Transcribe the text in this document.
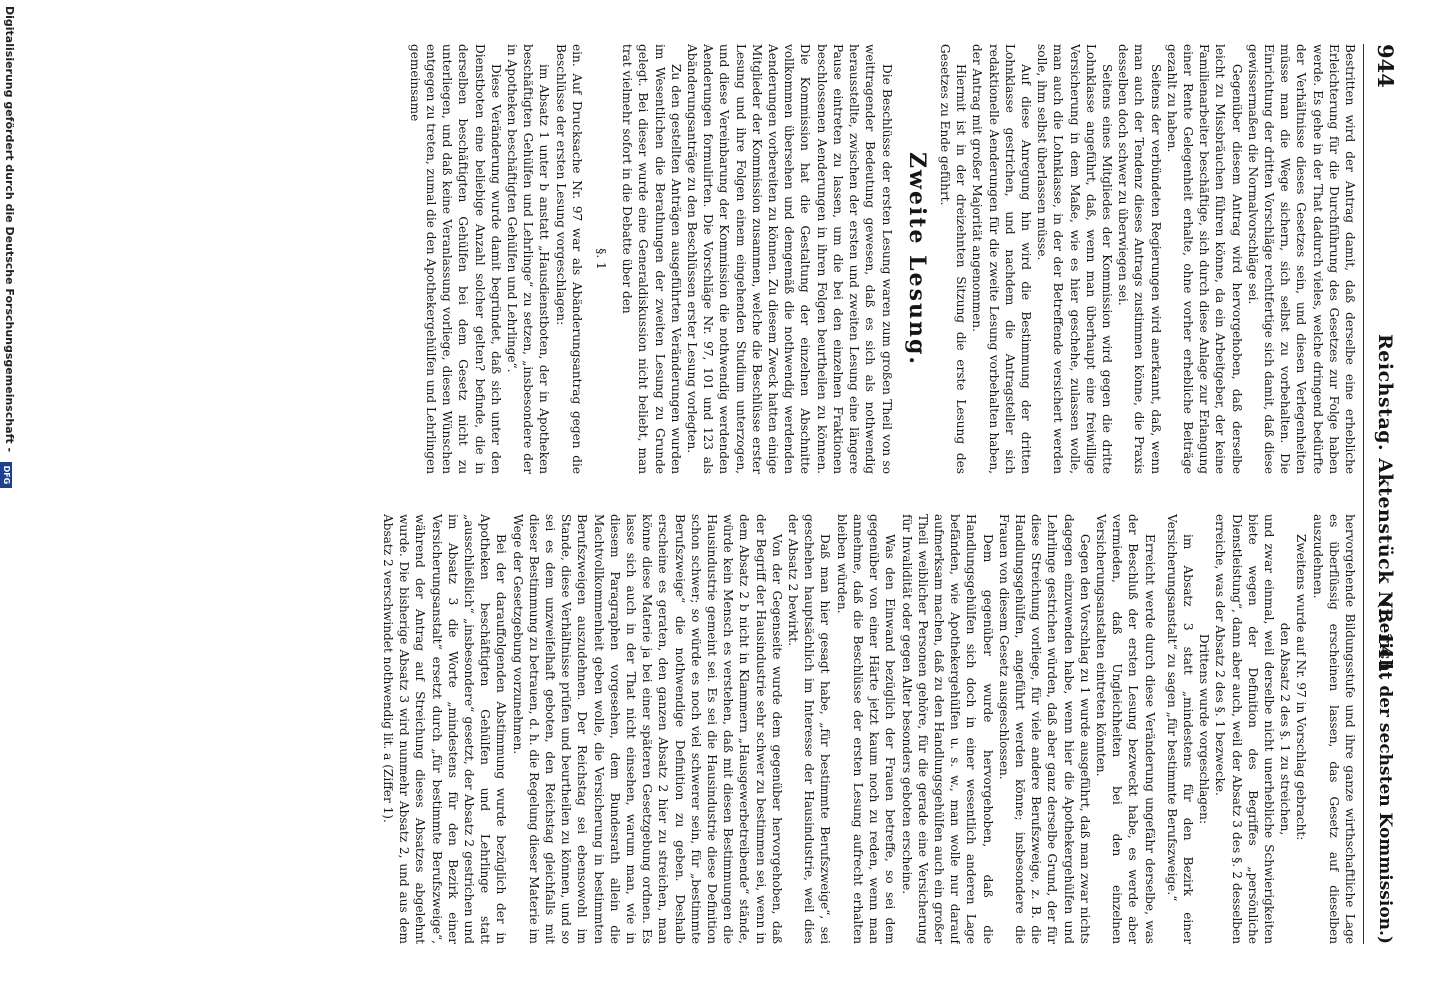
944
Reichstag. Aktenstück Nr. 141.
(Bericht der sechsten Kommission.)

Bestritten wird der Antrag damit, daß derselbe eine erhebliche Erleichterung für die Durchführung des Gesetzes zur Folge haben werde. Es gehe in der That dadurch vieles, welche dringend bedürfte der Verhältnisse dieses Gesetzes sein, und diesen Verlegenheiten müsse man die Wege sichern, sich selbst zu vorbehalten. Die Einrichtung der dritten Vorschläge rechtfertige sich damit, daß diese gewissermaßen die Normalvorschläge sei.

Gegenüber diesem Antrag wird hervorgehoben, daß derselbe leicht zu Missbräuchen führen könne, da ein Arbeitgeber, der keine Familienarbeiter beschäftige, sich durch diese Anlage zur Erlangung einer Rente Gelegenheit erhalte, ohne vorher erhebliche Beiträge gezahlt zu haben.

Seitens der verbündeten Regierungen wird anerkannt, daß, wenn man auch der Tendenz dieses Antrags zustimmen könne, die Praxis desselben doch schwer zu überwiegen sei.

Seitens eines Mitgliedes der Kommission wird gegen die dritte Lohnklasse angeführt, daß, wenn man überhaupt eine freiwillige Versicherung in dem Maße, wie es hier geschehe, zulassen wolle, man auch die Lohnklasse, in der der Betreffende versichert werden solle, ihm selbst überlassen müsse.

Auf diese Anregung hin wird die Bestimmung der dritten Lohnklasse gestrichen, und nachdem die Antragsteller sich redaktionelle Aenderungen für die zweite Lesung vorbehalten haben, der Antrag mit großer Majorität angenommen.

Hiermit ist in der dreizehnten Sitzung die erste Lesung des Gesetzes zu Ende geführt.

Zweite Lesung.

Die Beschlüsse der ersten Lesung waren zum großen Theil von so weittragender Bedeutung gewesen, daß es sich als nothwendig herausstellte, zwischen der ersten und zweiten Lesung eine längere Pause eintreten zu lassen, um die bei den einzelnen Fraktionen beschlossenen Aenderungen in ihren Folgen beurtheilen zu können. Die Kommission hat die Gestaltung der einzelnen Abschnitte vollkommen übersehen und demgemäß die nothwendig werdenden Aenderungen vorbereiten zu können. Zu diesem Zweck hatten einige Mitglieder der Kommission zusammen, welche die Beschlüsse erster Lesung und ihre Folgen einem eingehenden Studium unterzogen, und diese Vereinbarung der Kommission die nothwendig werdenden Aenderungen formulirten. Die Vorschläge Nr. 97, 101 und 123 als Abänderungsanträge zu den Beschlüssen erster Lesung vorlegten.

Zu den gestellten Anträgen ausgeführten Veränderungen wurden im Wesentlichen die Berathungen der zweiten Lesung zu Grunde gelegt. Bei dieser wurde eine Generaldiskussion nicht beliebt, man trat vielmehr sofort in die Debatte über den

§. 1

ein. Auf Drucksache Nr. 97 war als Abänderungsantrag gegen die Beschlüsse der ersten Lesung vorgeschlagen:

im Absatz 1 unter b anstatt „Hausdienstboten, der in Apotheken beschäftigten Gehülfen und Lehrlinge“ zu setzen, „insbesondere der in Apotheken beschäftigten Gehülfen und Lehrlinge“.

Diese Veränderung wurde damit begründet, daß sich unter den Dienstboten eine beliebige Anzahl solcher gelten? befinde, die in derselben beschäftigten Gehülfen bei dem Gesetz nicht zu unterliegen, und daß keine Veranlassung vorliege, diesen Wünschen entgegen zu treten, zumal die den Apothekergehülfen und Lehrlingen gemeinsame

hervorgehende Bildungsstufe und ihre ganze wirthschaftliche Lage es überflüssig erscheinen lassen, das Gesetz auf dieselben auszudehnen.

Zweitens wurde auf Nr. 97 in Vorschlag gebracht:

den Absatz 2 des §. 1 zu streichen,

und zwar einmal, weil derselbe nicht unerhebliche Schwierigkeiten biete wegen der Definition des Begriffes „persönliche Dienstleistung“, dann aber auch, weil der Absatz 3 des §. 2 desselben erreiche, was der Absatz 2 des §. 1 bezwecke.

Drittens wurde vorgeschlagen:

im Absatz 3 statt „mindestens für den Bezirk einer Versicherungsanstalt“ zu sagen „für bestimmte Berufszweige.“

Erreicht werde durch diese Veränderung ungefähr derselbe, was der Beschluß der ersten Lesung bezweckt habe, es werde aber vermieden, daß Ungleichheiten bei den einzelnen Versicherungsanstalten eintreten könnten.

Gegen den Vorschlag zu 1 wurde ausgeführt, daß man zwar nichts dagegen einzuwenden habe, wenn hier die Apothekergehülfen und Lehrlinge gestrichen würden, daß aber ganz derselbe Grund, der für diese Streichung vorliege, für viele andere Berufszweige, z. B. die Handlungsgehülfen, angeführt werden könne; insbesondere die Frauen von diesem Gesetz ausgeschlossen.

Dem gegenüber wurde hervorgehoben, daß die Handlungsgehülfen sich doch in einer wesentlich anderen Lage befänden, wie Apothekergehülfen u. s. w., man wolle nur darauf aufmerksam machen, daß zu den Handlungsgehülfen auch ein großer Theil weiblicher Personen gehöre, für die gerade eine Versicherung für Invalidität oder gegen Alter besonders geboten erscheine.

Was den Einwand bezüglich der Frauen betreffe, so sei dem gegenüber von einer Härte jetzt kaum noch zu reden, wenn man annehme, daß die Beschlüsse der ersten Lesung aufrecht erhalten bleiben würden.

Daß man hier gesagt habe, „für bestimmte Berufszweige“, sei geschehen hauptsächlich im Interesse der Hausindustrie, weil dies der Absatz 2 bewirkt.

Von der Gegenseite wurde dem gegenüber hervorgehoben, daß der Begriff der Hausindustrie sehr schwer zu bestimmen sei, wenn in dem Absatz 2 b nicht in Klammern „Hausgewerbetreibende“ stände, würde kein Mensch es verstehen, daß mit diesen Bestimmungen die Hausindustrie gemeint sei. Es sei die Hausindustrie diese Definition schon schwer; so würde es noch viel schwerer sein, für „bestimmte Berufszweige“ die nothwendige Definition zu geben. Deshalb erscheine es geraten, den ganzen Absatz 2 hier zu streichen, man könne diese Materie ja bei einer späteren Gesetzgebung ordnen. Es lasse sich auch in der That nicht einsehen, warum man, wie in diesem Paragraphen vorgesehen, dem Bundesrath allein die Machtvollkommenheit geben wolle, die Versicherung in bestimmten Berufszweigen auszudehnen. Der Reichstag sei ebensowohl im Stande, diese Verhältnisse prüfen und beurtheilen zu können, und so sei es dem unzweifelhaft geboten, den Reichstag gleichfalls mit dieser Bestimmung zu betrauen, d. h. die Regelung dieser Materie im Wege der Gesetzgebung vorzunehmen.

Bei der darauffolgenden Abstimmung wurde bezüglich der in Apotheken beschäftigten Gehülfen und Lehrlinge statt „ausschließlich“ „insbesondere“ gesetzt, der Absatz 2 gestrichen und im Absatz 3 die Worte „mindestens für den Bezirk einer Versicherungsanstalt“ ersetzt durch „für bestimmte Berufszweige“, während der Antrag auf Streichung dieses Absatzes abgelehnt wurde. Die bisherige Absatz 3 wird nunmehr Absatz 2, und aus dem Absatz 2 verschwindet nothwendig lit. a (Ziffer 1).

Digitalisierung gefördert durch die Deutsche Forschungsgemeinschaft - DFG
